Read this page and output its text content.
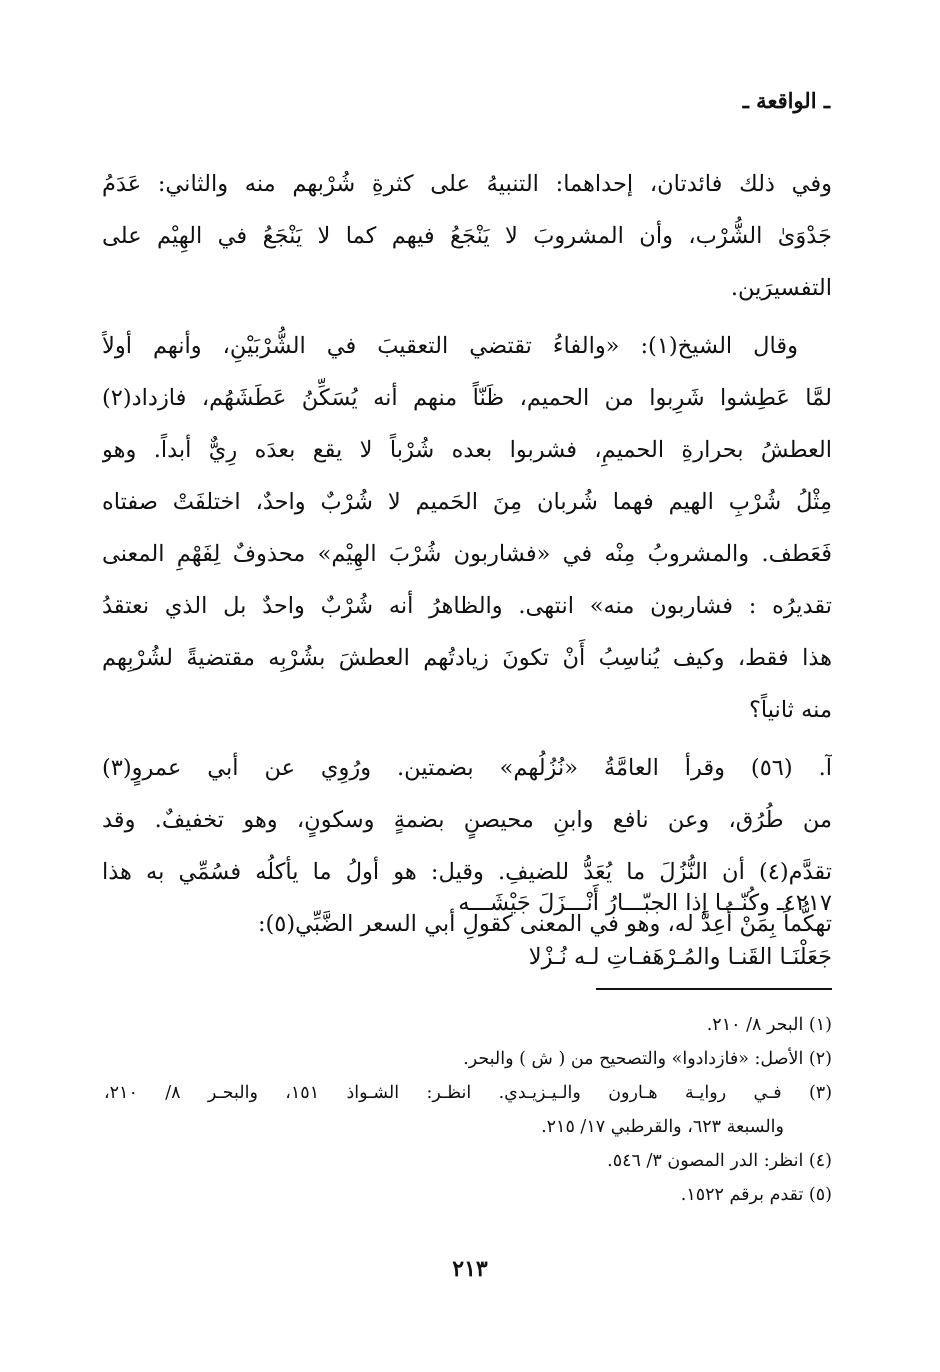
ـ الواقعة ـ
وفي ذلك فائدتان، إحداهما: التنبيهُ على كثرةِ شُرْبهم منه والثاني: عَدَمُ
جَدْوَىٰ الشُّرْب، وأن المشروبَ لا يَنْجَعُ فيهم كما لا يَنْجَعُ في الهِيْم على
التفسيرَين.
وقال الشيخ(١): «والفاءُ تقتضي التعقيبَ في الشُّرْبَيْنِ، وأنهم أولاً
لمَّا عَطِشوا شَرِبوا من الحميم، ظَنّاً منهم أنه يُسَكِّنُ عَطَشَهُم، فازداد(٢)
العطشُ بحرارةِ الحميمِ، فشربوا بعده شُرْباً لا يقع بعدَه رِيٌّ أبداً. وهو
مِثْلُ شُرْبِ الهيم فهما شُربان مِنَ الحَميم لا شُرْبٌ واحدٌ، اختلفَتْ صفتاه
فَعَطف. والمشروبُ مِنْه في «فشاربون شُرْبَ الهِيْم» محذوفٌ لِفَهْمِ المعنى
تقديرُه : فشاربون منه» انتهى. والظاهرُ أنه شُرْبٌ واحدٌ بل الذي نعتقدُ
هذا فقط، وكيف يُناسِبُ أَنْ تكونَ زيادتُهم العطشَ بشُرْبِه مقتضيةً لشُرْبِهم
منه ثانياً؟
آ. (٥٦) وقرأ العامَّةُ «نُزُلُهم» بضمتين. ورُوِي عن أبي عمروٍ(٣)
من طُرُق، وعن نافع وابنِ محيصنٍ بضمةٍ وسكونٍ، وهو تخفيفٌ. وقد
تقدَّم(٤) أن النُّزُلَ ما يُعَدُّ للضيفِ. وقيل: هو أولُ ما يأكلُه فسُمِّي به هذا
تهكُّماً بِمَنْ أُعِدَّ له، وهو في المعنى كقولِ أبي السعر الضَّبِّي(٥):
٤٢١٧ـ وكُنّـــا إذا الجبّـــارُ أَنْـــزَلَ جَيْشَـــه
جَعَلْنَـا القَنـا والمُـرْهَفـاتِ لـه نُـزْلا
(١) البحر ٨/ ٢١٠.
(٢) الأصل: «فازدادوا» والتصحيح من ( ش ) والبحر.
(٣) فـي روايـة هـارون والـيـزيـدي. انظـر: الشـواذ ١٥١، والبحـر ٨/ ٢١٠،
والسبعة ٦٢٣، والقرطبي ١٧/ ٢١٥.
(٤) انظر: الدر المصون ٣/ ٥٤٦.
(٥) تقدم برقم ١٥٢٢.
٢١٣
